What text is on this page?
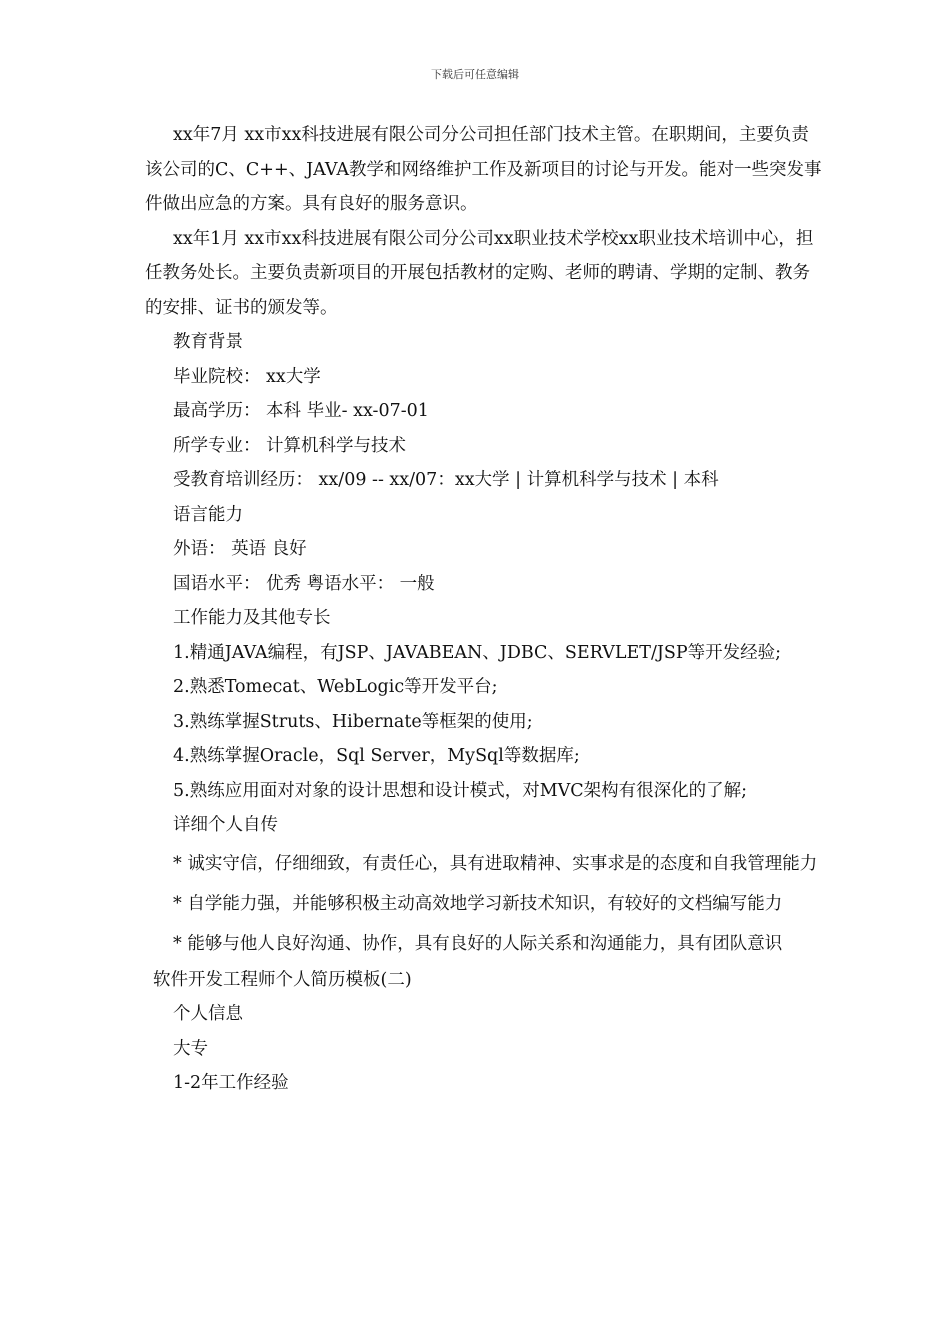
下载后可任意编辑

xx年7月 xx市xx科技进展有限公司分公司担任部门技术主管。在职期间，主要负责该公司的C、C++、JAVA教学和网络维护工作及新项目的讨论与开发。能对一些突发事件做出应急的方案。具有良好的服务意识。

xx年1月 xx市xx科技进展有限公司分公司xx职业技术学校xx职业技术培训中心，担任教务处长。主要负责新项目的开展包括教材的定购、老师的聘请、学期的定制、教务的安排、证书的颁发等。

教育背景

毕业院校： xx大学

最高学历： 本科 毕业- xx-07-01

所学专业： 计算机科学与技术

受教育培训经历： xx/09 -- xx/07：xx大学 | 计算机科学与技术 | 本科

语言能力

外语： 英语 良好

国语水平： 优秀 粤语水平： 一般

工作能力及其他专长

1.精通JAVA编程，有JSP、JAVABEAN、JDBC、SERVLET/JSP等开发经验;

2.熟悉Tomecat、WebLogic等开发平台;

3.熟练掌握Struts、Hibernate等框架的使用;

4.熟练掌握Oracle，Sql Server，MySql等数据库;

5.熟练应用面对对象的设计思想和设计模式，对MVC架构有很深化的了解;

详细个人自传

* 诚实守信，仔细细致，有责任心，具有进取精神、实事求是的态度和自我管理能力

* 自学能力强，并能够积极主动高效地学习新技术知识，有较好的文档编写能力

* 能够与他人良好沟通、协作，具有良好的人际关系和沟通能力，具有团队意识

软件开发工程师个人简历模板(二)

个人信息

大专

1-2年工作经验
